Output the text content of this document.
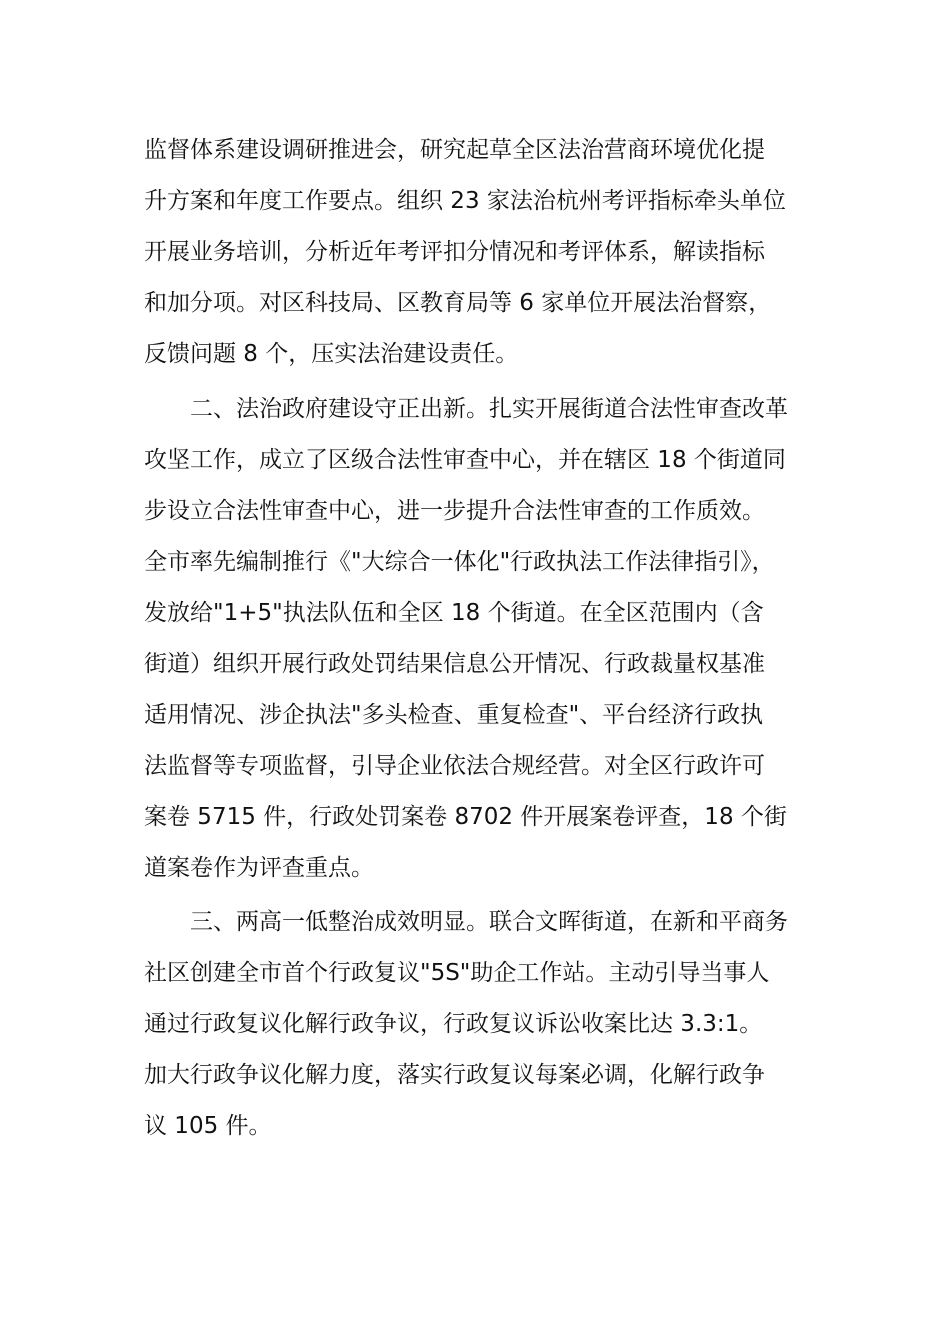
监督体系建设调研推进会，研究起草全区法治营商环境优化提
升方案和年度工作要点。组织 23 家法治杭州考评指标牵头单位
开展业务培训，分析近年考评扣分情况和考评体系，解读指标
和加分项。对区科技局、区教育局等 6 家单位开展法治督察，
反馈问题 8 个，压实法治建设责任。
二、法治政府建设守正出新。扎实开展街道合法性审查改革
攻坚工作，成立了区级合法性审查中心，并在辖区 18 个街道同
步设立合法性审查中心，进一步提升合法性审查的工作质效。
全市率先编制推行《"大综合一体化"行政执法工作法律指引》，
发放给"1+5"执法队伍和全区 18 个街道。在全区范围内（含
街道）组织开展行政处罚结果信息公开情况、行政裁量权基准
适用情况、涉企执法"多头检查、重复检查"、平台经济行政执
法监督等专项监督，引导企业依法合规经营。对全区行政许可
案卷 5715 件，行政处罚案卷 8702 件开展案卷评查，18 个街
道案卷作为评查重点。
三、两高一低整治成效明显。联合文晖街道，在新和平商务
社区创建全市首个行政复议"5S"助企工作站。主动引导当事人
通过行政复议化解行政争议，行政复议诉讼收案比达 3.3:1。
加大行政争议化解力度，落实行政复议每案必调，化解行政争
议 105 件。
